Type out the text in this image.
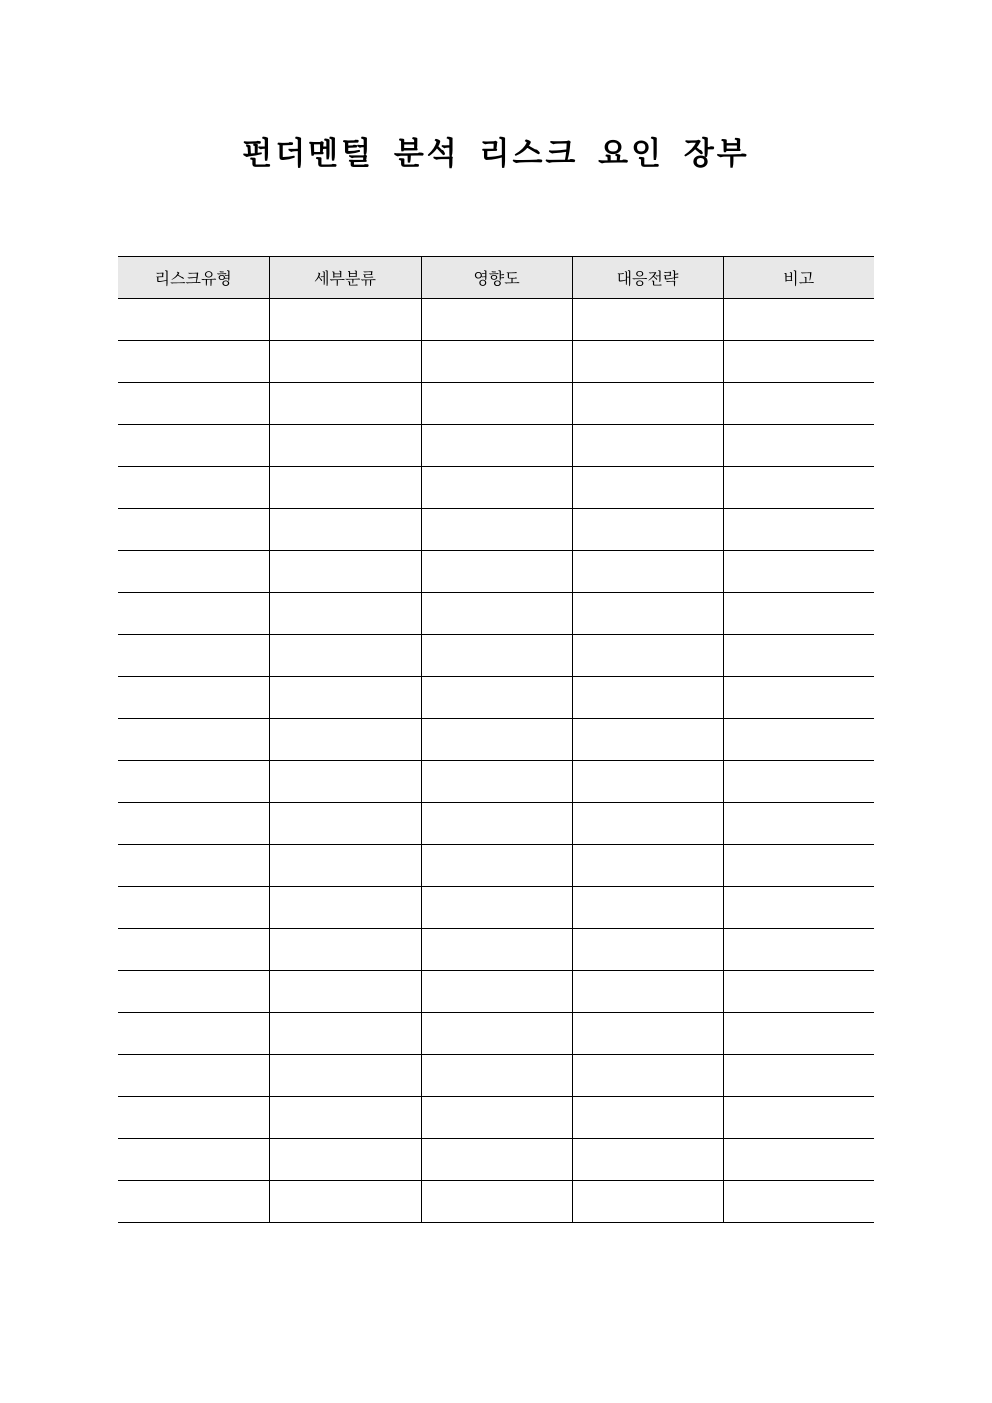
펀더멘털 분석 리스크 요인 장부
리스크유형	세부분류	영향도	대응전략	비고
